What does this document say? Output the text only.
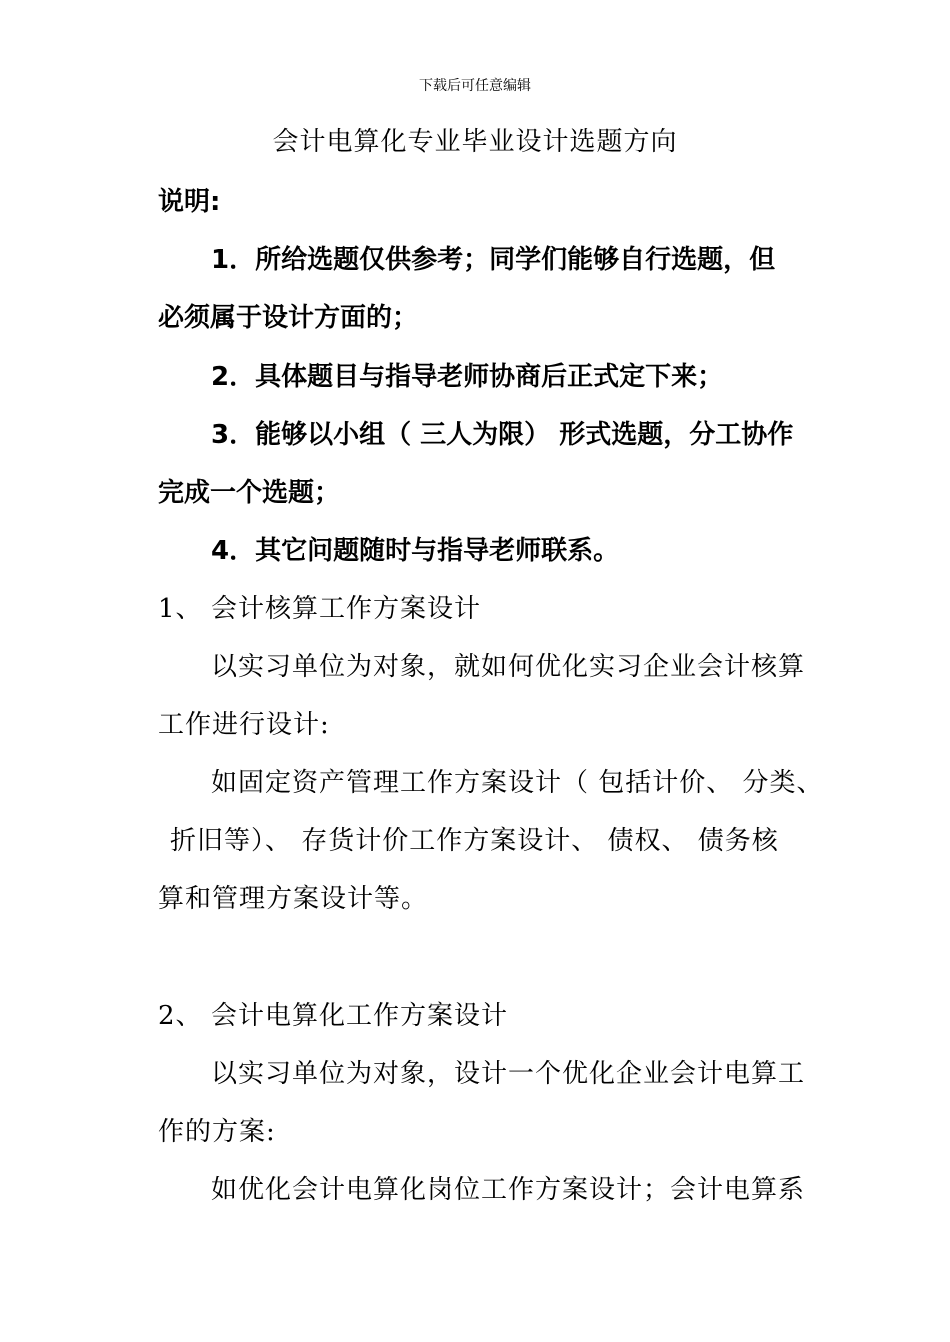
下载后可任意编辑
会计电算化专业毕业设计选题方向
说明:
1．所给选题仅供参考；同学们能够自行选题，但
必须属于设计方面的；
2．具体题目与指导老师协商后正式定下来；
3．能够以小组（ 三人为限） 形式选题，分工协作
完成一个选题；
4．其它问题随时与指导老师联系。
1、 会计核算工作方案设计
以实习单位为对象，就如何优化实习企业会计核算
工作进行设计:
如固定资产管理工作方案设计（ 包括计价、 分类、
折旧等）、 存货计价工作方案设计、 债权、 债务核
算和管理方案设计等。
2、 会计电算化工作方案设计
以实习单位为对象，设计一个优化企业会计电算工
作的方案:
如优化会计电算化岗位工作方案设计；会计电算系
